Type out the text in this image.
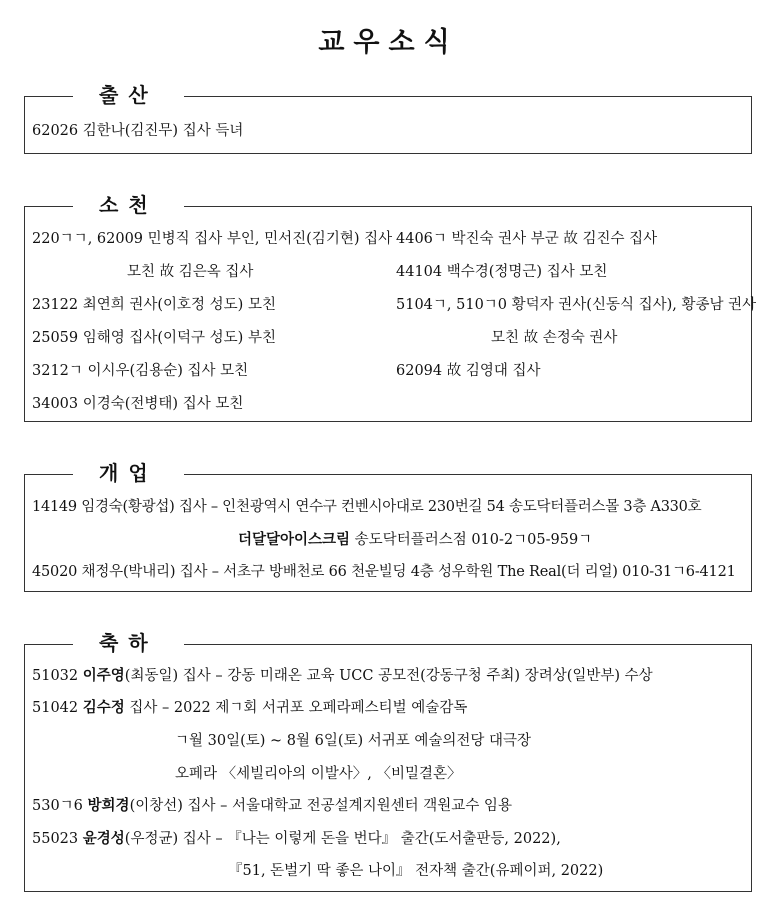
교우소식
출산
62026 김한나(김진무) 집사 득녀
소천
220ㄱㄱ, 62009 민병직 집사 부인, 민서진(김기현) 집사
모친 故 김은옥 집사
23122 최연희 권사(이호정 성도) 모친
25059 임해영 집사(이덕구 성도) 부친
3212ㄱ 이시우(김용순) 집사 모친
34003 이경숙(전병태) 집사 모친
4406ㄱ 박진숙 권사 부군 故 김진수 집사
44104 백수경(정명근) 집사 모친
5104ㄱ, 510ㄱ0 황덕자 권사(신동식 집사), 황종남 권사
모친 故 손정숙 권사
62094 故 김영대 집사
개업
14149 임경숙(황광섭) 집사 – 인천광역시 연수구 컨벤시아대로 230번길 54 송도닥터플러스몰 3층 A330호
더달달아이스크림 송도닥터플러스점 010-2ㄱ05-959ㄱ
45020 채정우(박내리) 집사 – 서초구 방배천로 66 천운빌딩 4층 성우학원 The Real(더 리얼) 010-31ㄱ6-4121
축하
51032 이주영(최동일) 집사 – 강동 미래온 교육 UCC 공모전(강동구청 주최) 장려상(일반부) 수상
51042 김수정 집사 – 2022 제ㄱ회 서귀포 오페라페스티벌 예술감독
ㄱ월 30일(토) ~ 8월 6일(토) 서귀포 예술의전당 대극장
오페라 〈세빌리아의 이발사〉, 〈비밀결혼〉
530ㄱ6 방희경(이창선) 집사 – 서울대학교 전공설계지원센터 객원교수 임용
55023 윤경성(우정균) 집사 – 『나는 이렇게 돈을 번다』 출간(도서출판등, 2022),
『51, 돈벌기 딱 좋은 나이』 전자책 출간(유페이퍼, 2022)
